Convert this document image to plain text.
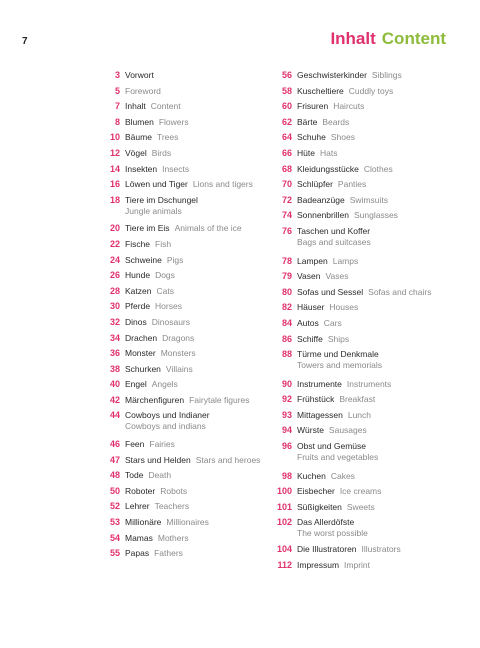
7	Inhalt Content
3 Vorwort
5 Foreword
7 Inhalt Content
8 Blumen Flowers
10 Bäume Trees
12 Vögel Birds
14 Insekten Insects
16 Löwen und Tiger Lions and tigers
18 Tiere im Dschungel
Jungle animals
20 Tiere im Eis Animals of the ice
22 Fische Fish
24 Schweine Pigs
26 Hunde Dogs
28 Katzen Cats
30 Pferde Horses
32 Dinos Dinosaurs
34 Drachen Dragons
36 Monster Monsters
38 Schurken Villains
40 Engel Angels
42 Märchenfiguren Fairytale figures
44 Cowboys und Indianer
Cowboys and indians
46 Feen Fairies
47 Stars und Helden Stars and heroes
48 Tode Death
50 Roboter Robots
52 Lehrer Teachers
53 Millionäre Millionaires
54 Mamas Mothers
55 Papas Fathers
56 Geschwisterkinder Siblings
58 Kuscheltiere Cuddly toys
60 Frisuren Haircuts
62 Bärte Beards
64 Schuhe Shoes
66 Hüte Hats
68 Kleidungsstücke Clothes
70 Schlüpfer Panties
72 Badeanzüge Swimsuits
74 Sonnenbrillen Sunglasses
76 Taschen und Koffer
Bags and suitcases
78 Lampen Lamps
79 Vasen Vases
80 Sofas und Sessel Sofas and chairs
82 Häuser Houses
84 Autos Cars
86 Schiffe Ships
88 Türme und Denkmale
Towers and memorials
90 Instrumente Instruments
92 Frühstück Breakfast
93 Mittagessen Lunch
94 Würste Sausages
96 Obst und Gemüse
Fruits and vegetables
98 Kuchen Cakes
100 Eisbecher Ice creams
101 Süßigkeiten Sweets
102 Das Allerdöfste
The worst possible
104 Die Illustratoren Illustrators
112 Impressum Imprint
